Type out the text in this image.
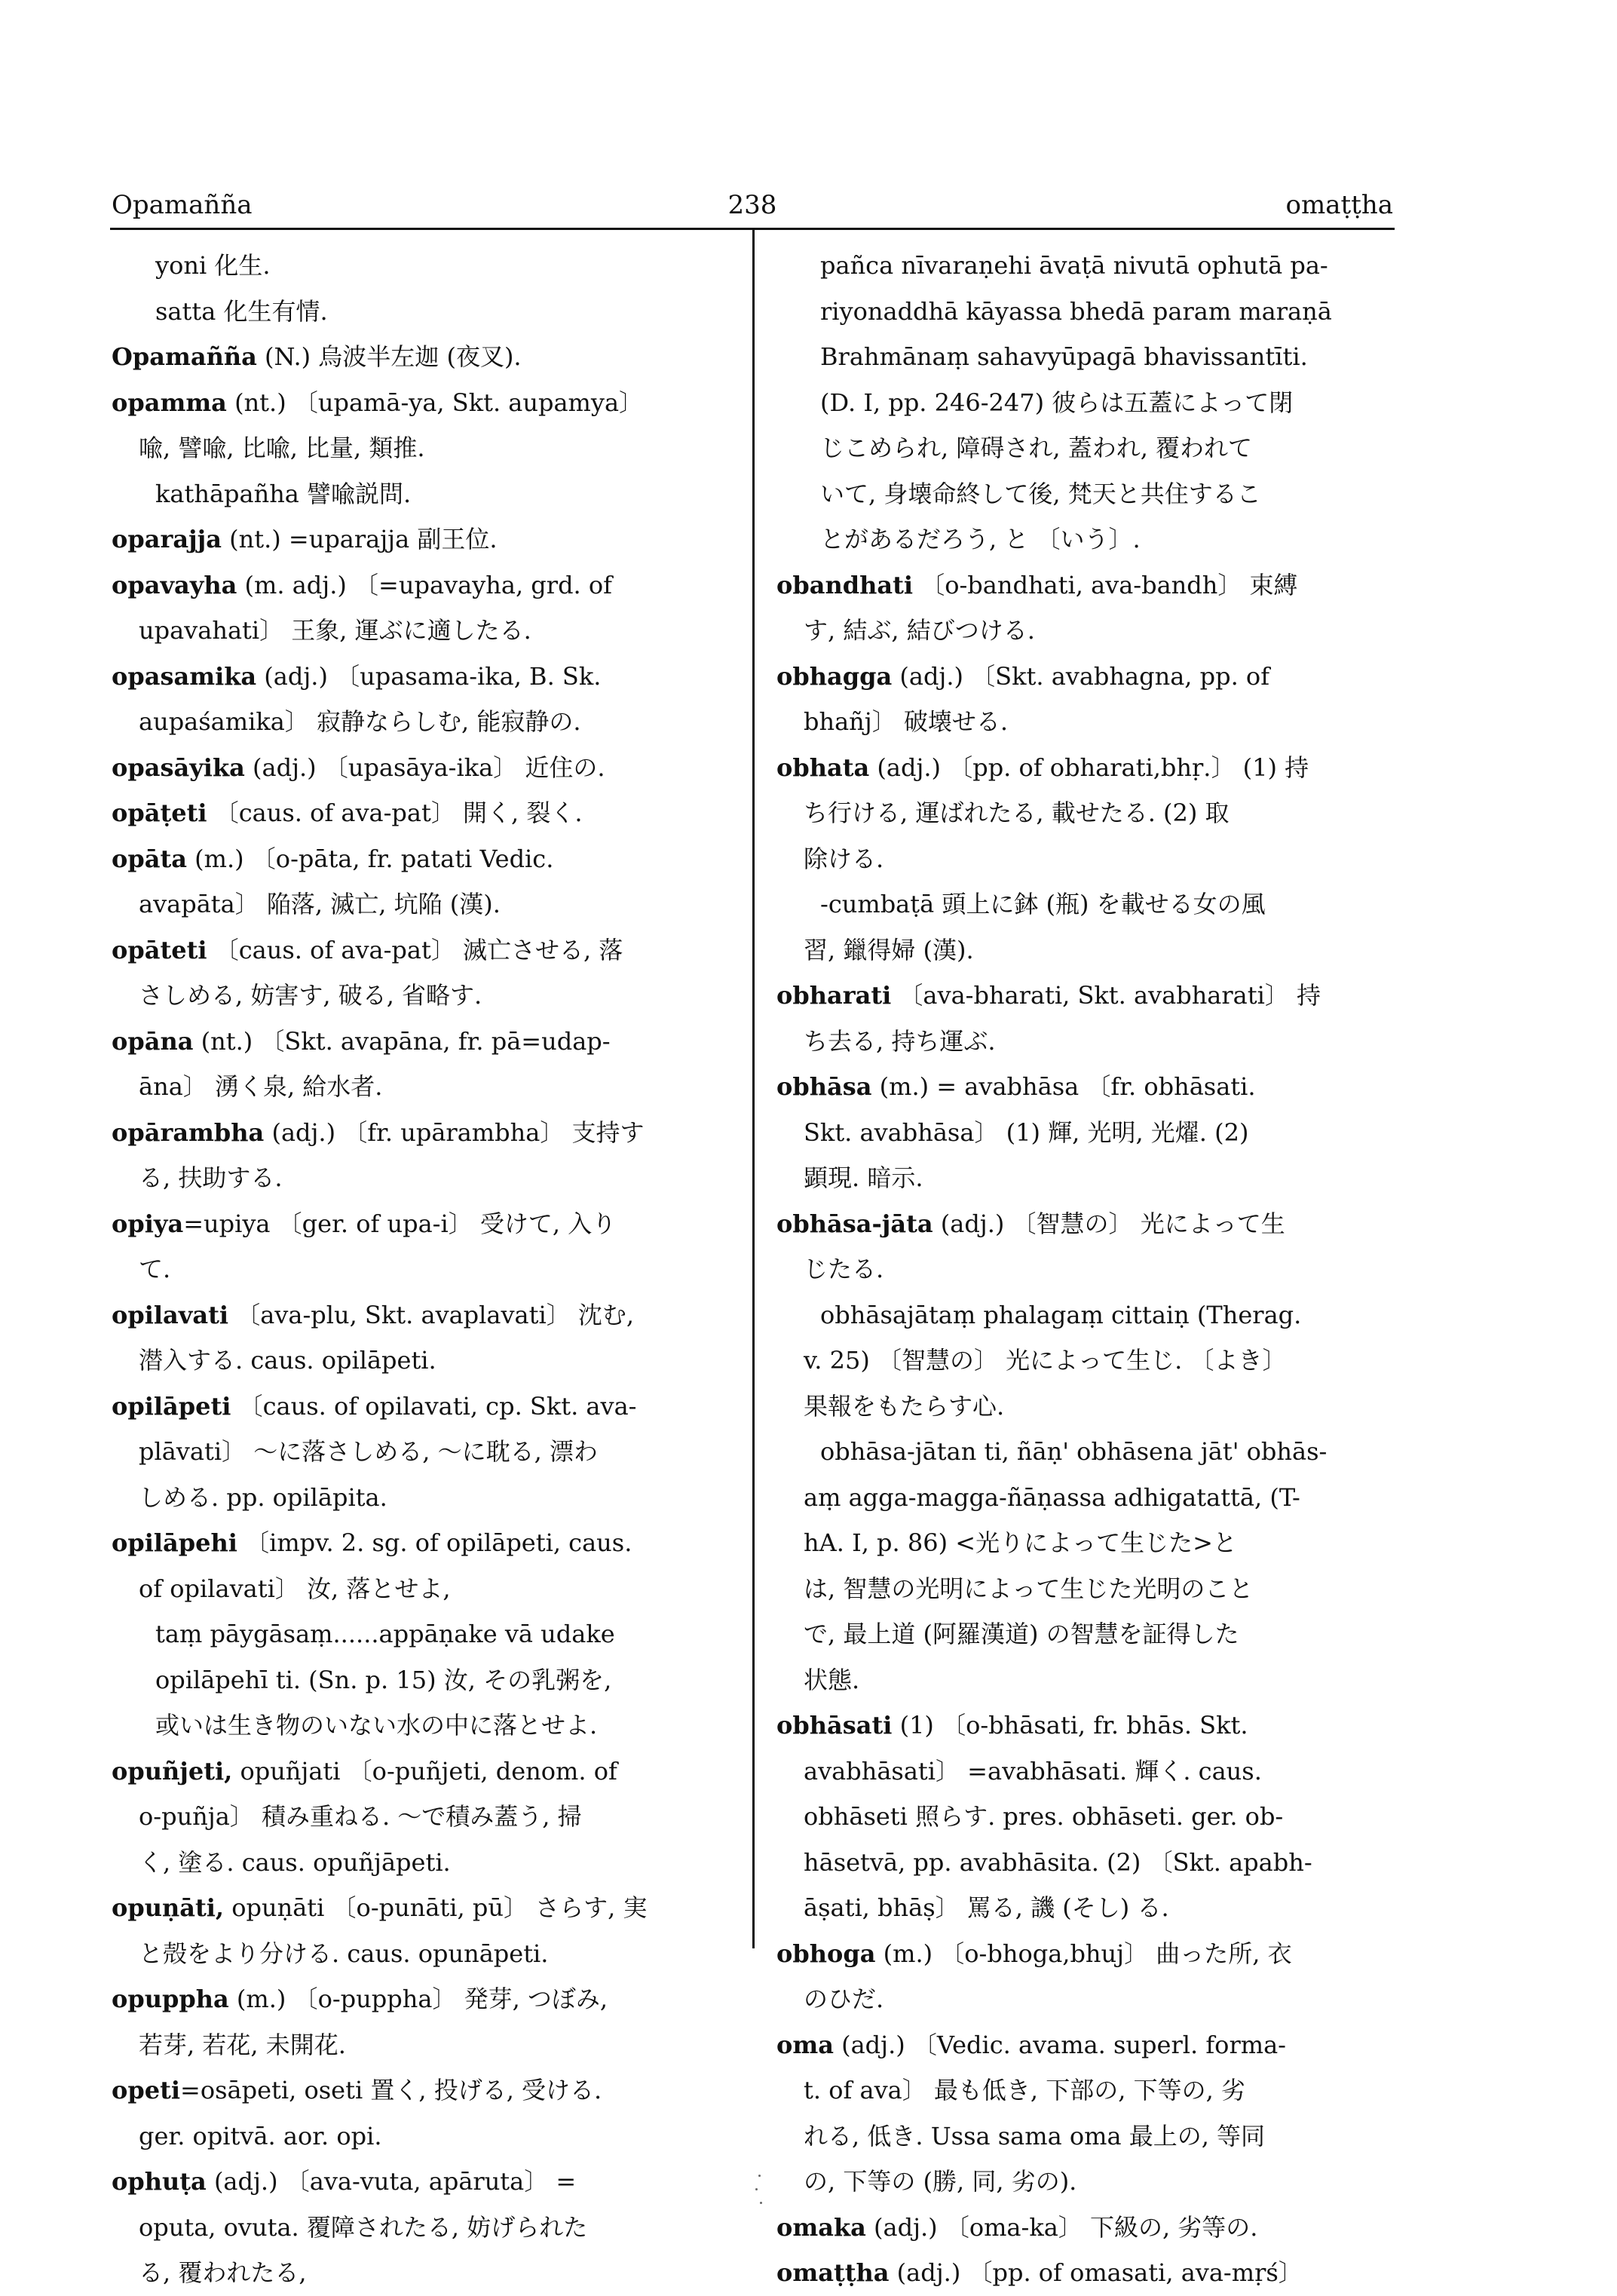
Opamañña	238	omaṭṭha
yoni 化生.
satta 化生有情.
Opamañña (N.) 烏波半左迦 (夜叉).
opamma (nt.) 〔upamā-ya, Skt. aupamya〕
喩, 譬喩, 比喩, 比量, 類推.
kathāpañha 譬喩説問.
oparajja (nt.) =uparajja 副王位.
opavayha (m. adj.) 〔=upavayha, grd. of
upavahati〕 王象, 運ぶに適したる.
opasamika (adj.) 〔upasama-ika, B. Sk.
aupaśamika〕 寂静ならしむ, 能寂静の.
opasāyika (adj.) 〔upasāya-ika〕 近住の.
opāṭeti 〔caus. of ava-pat〕 開く, 裂く.
opāta (m.) 〔o-pāta, fr. patati Vedic.
avapāta〕 陥落, 滅亡, 坑陥 (漢).
opāteti 〔caus. of ava-pat〕 滅亡させる, 落
さしめる, 妨害す, 破る, 省略す.
opāna (nt.) 〔Skt. avapāna, fr. pā=udap-
āna〕 湧く泉, 給水者.
opārambha (adj.) 〔fr. upārambha〕 支持す
る, 扶助する.
opiya=upiya 〔ger. of upa-i〕 受けて, 入り
て.
opilavati 〔ava-plu, Skt. avaplavati〕 沈む,
潜入する. caus. opilāpeti.
opilāpeti 〔caus. of opilavati, cp. Skt. ava-
plāvati〕 〜に落さしめる, 〜に耽る, 漂わ
しめる. pp. opilāpita.
opilāpehi 〔impv. 2. sg. of opilāpeti, caus.
of opilavati〕 汝, 落とせよ,
taṃ pāygāsaṃ......appāṇake vā udake
opilāpehī ti. (Sn. p. 15) 汝, その乳粥を,
或いは生き物のいない水の中に落とせよ.
opuñjeti, opuñjati 〔o-puñjeti, denom. of
o-puñja〕 積み重ねる. 〜で積み蓋う, 掃
く, 塗る. caus. opuñjāpeti.
opuṇāti, opuṇāti 〔o-punāti, pū〕 さらす, 実
と殻をより分ける. caus. opunāpeti.
opuppha (m.) 〔o-puppha〕 発芽, つぼみ,
若芽, 若花, 未開花.
opeti=osāpeti, oseti 置く, 投げる, 受ける.
ger. opitvā. aor. opi.
ophuṭa (adj.) 〔ava-vuta, apāruta〕 =
oputa, ovuta. 覆障されたる, 妨げられた
る, 覆われたる,
pañca nīvaraṇehi āvaṭā nivutā ophutā pa-
riyonaddhā kāyassa bhedā param maraṇā
Brahmānaṃ sahavyūpagā bhavissantīti.
(D. I, pp. 246-247) 彼らは五蓋によって閉
じこめられ, 障碍され, 蓋われ, 覆われて
いて, 身壊命終して後, 梵天と共住するこ
とがあるだろう, と 〔いう〕.
obandhati 〔o-bandhati, ava-bandh〕 束縛
す, 結ぶ, 結びつける.
obhagga (adj.) 〔Skt. avabhagna, pp. of
bhañj〕 破壊せる.
obhata (adj.) 〔pp. of obharati,bhṛ.〕 (1) 持
ち行ける, 運ばれたる, 載せたる. (2) 取
除ける.
-cumbaṭā 頭上に鉢 (瓶) を載せる女の風
習, 鑞得婦 (漢).
obharati 〔ava-bharati, Skt. avabharati〕 持
ち去る, 持ち運ぶ.
obhāsa (m.) = avabhāsa 〔fr. obhāsati.
Skt. avabhāsa〕 (1) 輝, 光明, 光燿. (2)
顕現. 暗示.
obhāsa-jāta (adj.) 〔智慧の〕 光によって生
じたる.
obhāsajātaṃ phalagaṃ cittaiṇ (Therag.
v. 25) 〔智慧の〕 光によって生じ. 〔よき〕
果報をもたらす心.
obhāsa-jātan ti, ñāṇ' obhāsena jāt' obhās-
aṃ agga-magga-ñāṇassa adhigatattā, (T-
hA. I, p. 86) <光りによって生じた>と
は, 智慧の光明によって生じた光明のこと
で, 最上道 (阿羅漢道) の智慧を証得した
状態.
obhāsati (1) 〔o-bhāsati, fr. bhās. Skt.
avabhāsati〕 =avabhāsati. 輝く. caus.
obhāseti 照らす. pres. obhāseti. ger. ob-
hāsetvā, pp. avabhāsita. (2) 〔Skt. apabh-
āṣati, bhāṣ〕 罵る, 譏 (そし) る.
obhoga (m.) 〔o-bhoga,bhuj〕 曲った所, 衣
のひだ.
oma (adj.) 〔Vedic. avama. superl. forma-
t. of ava〕 最も低き, 下部の, 下等の, 劣
れる, 低き. Ussa sama oma 最上の, 等同
の, 下等の (勝, 同, 劣の).
omaka (adj.) 〔oma-ka〕 下級の, 劣等の.
omaṭṭha (adj.) 〔pp. of omasati, ava-mṛś〕
